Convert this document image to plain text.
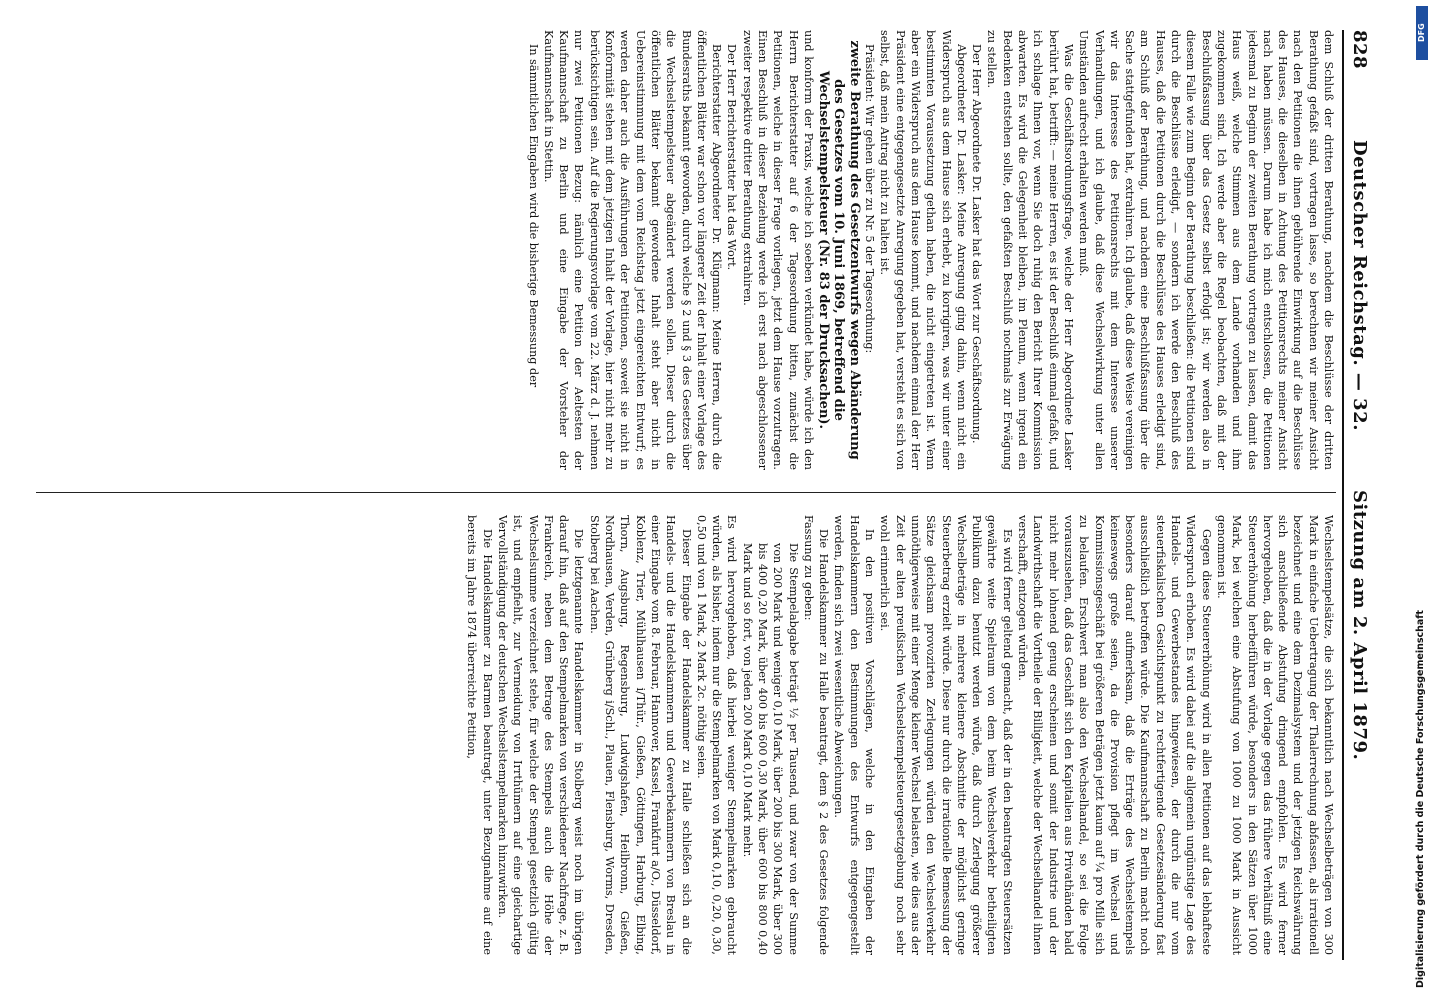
828
Deutscher Reichstag. — 32.
Sitzung am 2. April 1879.

dem Schluß der dritten Berathung, nachdem die Beschlüsse der dritten Berathung gefaßt sind, vortragen lasse, so berechnen wir meiner Ansicht nach den Petitionen die ihnen gebührende Einwirkung auf die Beschlüsse des Hauses, die dieselben in Achtung des Petitionsrechts meiner Ansicht nach haben müssen. Darum habe ich mich entschlossen, die Petitionen jedesmal zu Beginn der zweiten Berathung vortragen zu lassen, damit das Haus weiß, welche Stimmen aus dem Lande vorhanden und ihm zugekommen sind. Ich werde aber die Regel beobachten, daß mit der Beschlußfassung über das Gesetz selbst erfolgt ist; wir werden also in diesem Falle wie zum Beginn der Berathung beschließen: die Petitionen sind durch die Beschlüsse erledigt, — sondern ich werde den Beschluß des Hauses, daß die Petitionen durch die Beschlüsse des Hauses erledigt sind, am Schluß der Berathung, und nachdem eine Beschlußfassung über die Sache stattgefunden hat, extrahiren. Ich glaube, daß diese Weise vereinigen wir das Interesse des Petitionsrechts mit dem Interesse unserer Verhandlungen, und ich glaube, daß diese Wechselwirkung unter allen Umständen aufrecht erhalten werden muß.

Was die Geschäftsordnungsfrage, welche der Herr Abgeordnete Lasker berührt hat, betrifft: — meine Herren, es ist der Beschluß einmal gefaßt, und ich schlage Ihnen vor, wenn Sie doch ruhig den Bericht Ihrer Kommission abwarten. Es wird die Gelegenheit bleiben, im Plenum, wenn irgend ein Bedenken entstehen sollte, den gefaßten Beschluß nochmals zur Erwägung zu stellen.

Der Herr Abgeordnete Dr. Lasker hat das Wort zur Geschäftsordnung.

Abgeordneter Dr. Lasker: Meine Anregung ging dahin, wenn nicht ein Widerspruch aus dem Hause sich erhebt, zu korrigiren, was wir unter einer bestimmten Voraussetzung gethan haben, die nicht eingetreten ist. Wenn aber ein Widerspruch aus dem Hause kommt, und nachdem einmal der Herr Präsident eine entgegengesetzte Anregung gegeben hat, versteht es sich von selbst, daß mein Antrag nicht zu halten ist.

Präsident: Wir gehen über zu Nr. 5 der Tagesordnung:

zweite Berathung des Gesetzentwurfs wegen Abänderung des Gesetzes vom 10. Juni 1869, betreffend die Wechselstempelsteuer (Nr. 83 der Drucksachen).

und konform der Praxis, welche ich soeben verkündet habe, würde ich den Herrn Berichterstatter auf 6 der Tagesordnung bitten, zunächst die Petitionen, welche in dieser Frage vorliegen, jetzt dem Hause vorzutragen. Einen Beschluß in dieser Beziehung werde ich erst nach abgeschlossener zweiter respektive dritter Berathung extrahiren.

Der Herr Berichterstatter hat das Wort.

Berichterstatter Abgeordneter Dr. Klügmann: Meine Herren, durch die öffentlichen Blätter war schon vor längerer Zeit der Inhalt einer Vorlage des Bundesraths bekannt geworden, durch welche § 2 und § 3 des Gesetzes über die Wechselstempelsteuer abgeändert werden sollen. Dieser durch die öffentlichen Blätter bekannt gewordene Inhalt steht aber nicht in Uebereinstimmung mit dem vom Reichstag jetzt eingereichten Entwurf; es werden daher auch die Ausführungen der Petitionen, soweit sie nicht in Konformität stehen mit dem jetzigen Inhalt der Vorlage, hier nicht mehr zu berücksichtigen sein. Auf die Regierungsvorlage vom 22. März d. J. nehmen nur zwei Petitionen Bezug: nämlich eine Petition der Aeltesten der Kaufmannschaft zu Berlin und eine Eingabe der Vorsteher der Kaufmannschaft in Stettin.

In sämmtlichen Eingaben wird die bisherige Bemessung der

Wechselstempelsätze, die sich bekanntlich nach Wechselbeträgen von 300 Mark in einfache Uebertragung der Thalerrechnung abfassen, als irrationell bezeichnet und eine dem Dezimalsystem und der jetzigen Reichswährung sich anschließende Abstufung dringend empfohlen. Es wird ferner hervorgehoben, daß die in der Vorlage gegen das frühere Verhältniß eine Steuererhöhung herbeiführen würde, besonders in den Sätzen über 1000 Mark, bei welchen eine Abstufung von 1000 zu 1000 Mark in Aussicht genommen ist.

Gegen diese Steuererhöhung wird in allen Petitionen auf das lebhafteste Widerspruch erhoben. Es wird dabei auf die allgemein ungünstige Lage des Handels- und Gewerbestandes hingewiesen, der durch die nur vom steuerfiskalischen Gesichtspunkt zu rechtfertigende Gesetzesänderung fast ausschließlich betroffen würde. Die Kaufmannschaft zu Berlin macht noch besonders darauf aufmerksam, daß die Erträge des Wechselstempels keineswegs große seien, da die Provision pflegt im Wechsel und Kommissionsgeschäft bei größeren Beträgen jetzt kaum auf ¼ pro Mille sich zu belaufen. Erschwert man also den Wechselhandel, so sei die Folge vorauszusehen, daß das Geschäft sich den Kapitalien aus Privathänden bald nicht mehr lohnend genug erscheinen und somit der Industrie und der Landwirthschaft die Vortheile der Billigkeit, welche der Wechselhandel ihnen verschafft, entzogen würden.

Es wird ferner geltend gemacht, daß der in den beantragten Steuersätzen gewährte weite Spielraum von dem beim Wechselverkehr betheiligten Publikum dazu benutzt werden würde, daß durch Zerlegung größerer Wechselbeträge in mehrere kleinere Abschnitte der möglichst geringe Steuerbetrag erzielt würde. Diese nur durch die irrationelle Bemessung der Sätze gleichsam provozirten Zerlegungen würden den Wechselverkehr unnöthigerweise mit einer Menge kleiner Wechsel belasten, wie dies aus der Zeit der alten preußischen Wechselstempelsteuergesetzgebung noch sehr wohl erinnerlich sei.

In den positiven Vorschlägen, welche in den Eingaben der Handelskammern den Bestimmungen des Entwurfs entgegengestellt werden, finden sich zwei wesentliche Abweichungen.

Die Handelskammer zu Halle beantragt, dem § 2 des Gesetzes folgende Fassung zu geben:

Die Stempelabgabe beträgt ½ per Tausend, und zwar von der Summe von 200 Mark und weniger 0,10 Mark, über 200 bis 300 Mark, über 300 bis 400 0,20 Mark, über 400 bis 600 0,30 Mark, über 600 bis 800 0,40 Mark und so fort, von jeden 200 Mark 0,10 Mark mehr.

Es wird hervorgehoben, daß hierbei weniger Stempelmarken gebraucht würden, als bisher, indem nur die Stempelmarken von Mark 0,10, 0,20, 0,30, 0,50 und von 1 Mark, 2 Mark 2c. nöthig seien.

Dieser Eingabe der Handelskammer zu Halle schließen sich an die Handels- und die Handelskammern und Gewerbekammern von Breslau in einer Eingabe vom 8. Februar, Hannover, Kassel, Frankfurt a/O., Düsseldorf, Koblenz, Trier, Mühlhausen i/Thür., Gießen, Göttingen, Harburg, Elbing, Thorn, Augsburg, Regensburg, Ludwigshafen, Heilbronn, Gießen, Nordhausen, Verden, Grünberg i/Schl., Plauen, Flensburg, Worms, Dresden, Stolberg bei Aachen.

Die letztgenannte Handelskammer in Stolberg weist noch im übrigen darauf hin, daß auf den Stempelmarken von verschiedener Nachfrage, z. B. Frankreich, neben dem Betrage des Stempels auch die Höhe der Wechselsumme verzeichnet stehe, für welche der Stempel gesetzlich gültig ist, und empfiehlt, zur Vermeidung von Irrthümern auf eine gleichartige Vervollständigung der deutschen Wechselstempelmarken hinzuwirken.

Die Handelskammer zu Barmen beantragt, unter Bezugnahme auf eine bereits im Jahre 1874 überreichte Petition,

DFG
Digitalisierung gefördert durch die Deutsche Forschungsgemeinschaft
